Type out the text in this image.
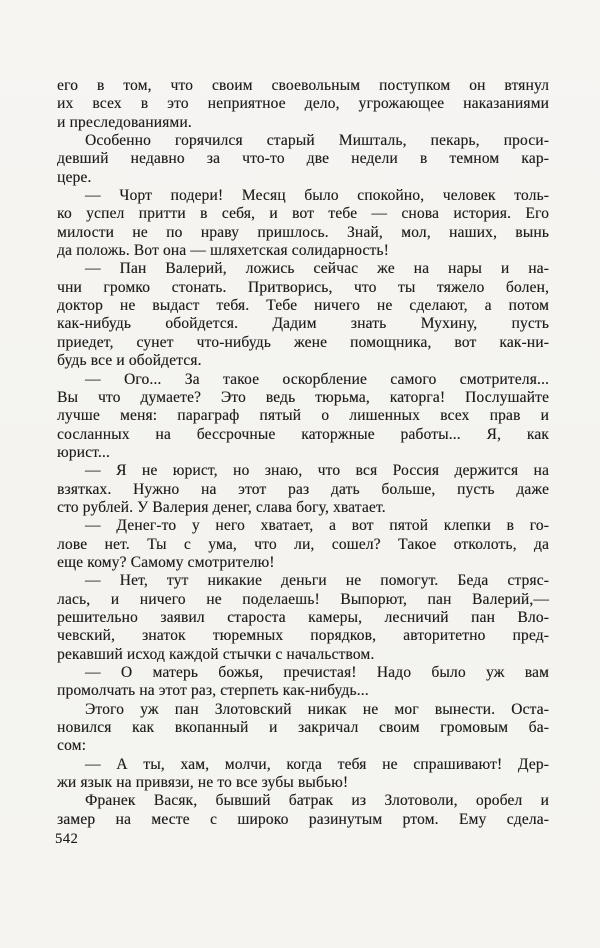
его в том, что своим своевольным поступком он втянул
их всех в это неприятное дело, угрожающее наказаниями
и преследованиями.
Особенно горячился старый Мишталь, пекарь, проси-
девший недавно за что-то две недели в темном кар-
цере.
— Чорт подери! Месяц было спокойно, человек толь-
ко успел притти в себя, и вот тебе — снова история. Его
милости не по нраву пришлось. Знай, мол, наших, вынь
да положь. Вот она — шляхетская солидарность!
— Пан Валерий, ложись сейчас же на нары и на-
чни громко стонать. Притворись, что ты тяжело болен,
доктор не выдаст тебя. Тебе ничего не сделают, а потом
как-нибудь обойдется. Дадим знать Мухину, пусть
приедет, сунет что-нибудь жене помощника, вот как-ни-
будь все и обойдется.
— Ого... За такое оскорбление самого смотрителя...
Вы что думаете? Это ведь тюрьма, каторга! Послушайте
лучше меня: параграф пятый о лишенных всех прав и
сосланных на бессрочные каторжные работы... Я, как
юрист...
— Я не юрист, но знаю, что вся Россия держится на
взятках. Нужно на этот раз дать больше, пусть даже
сто рублей. У Валерия денег, слава богу, хватает.
— Денег-то у него хватает, а вот пятой клепки в го-
лове нет. Ты с ума, что ли, сошел? Такое отколоть, да
еще кому? Самому смотрителю!
— Нет, тут никакие деньги не помогут. Беда стряс-
лась, и ничего не поделаешь! Выпорют, пан Валерий,—
решительно заявил староста камеры, лесничий пан Вло-
чевский, знаток тюремных порядков, авторитетно пред-
рекавший исход каждой стычки с начальством.
— О матерь божья, пречистая! Надо было уж вам
промолчать на этот раз, стерпеть как-нибудь...
Этого уж пан Злотовский никак не мог вынести. Оста-
новился как вкопанный и закричал своим громовым ба-
сом:
— А ты, хам, молчи, когда тебя не спрашивают! Дер-
жи язык на привязи, не то все зубы выбью!
Франек Васяк, бывший батрак из Злотоволи, оробел и
замер на месте с широко разинутым ртом. Ему сдела-
542
